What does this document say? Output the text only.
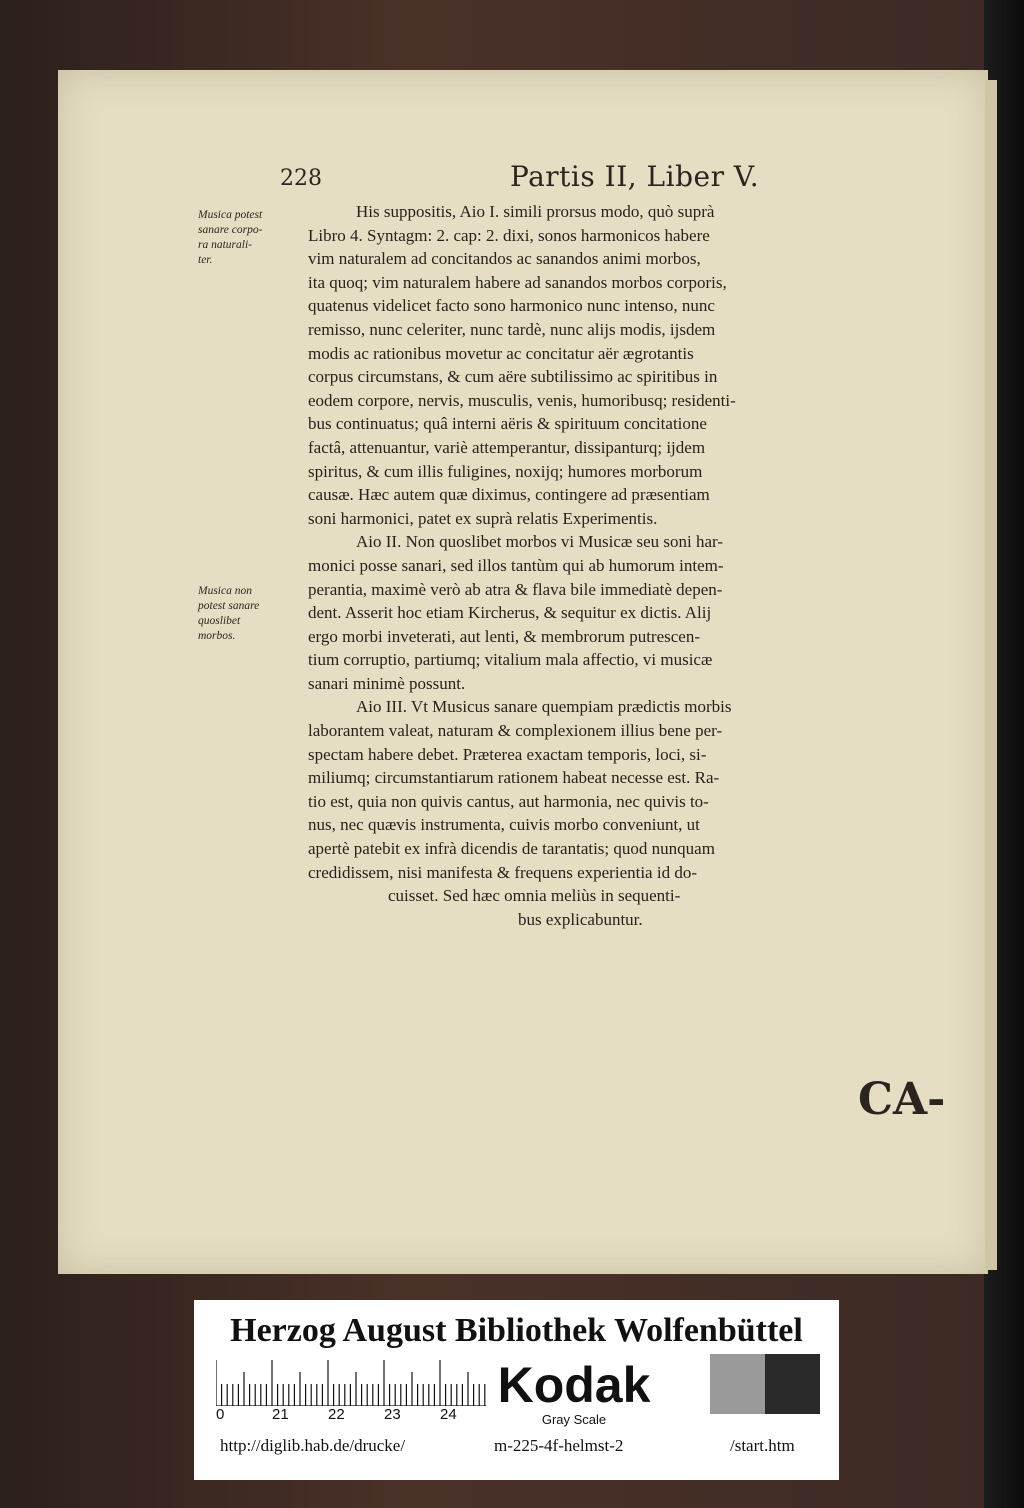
228	Partis II, Liber V.
Musica potest
sanare corpo-
ra naturali-
ter.
Musica non
potest sanare
quoslibet
morbos.
His suppositis, Aio I. simili prorsus modo, quò suprà
Libro 4. Syntagm: 2. cap: 2. dixi, sonos harmonicos habere
vim naturalem ad concitandos ac sanandos animi morbos,
ita quoq; vim naturalem habere ad sanandos morbos corporis,
quatenus videlicet facto sono harmonico nunc intenso, nunc
remisso, nunc celeriter, nunc tardè, nunc alijs modis, ijsdem
modis ac rationibus movetur ac concitatur aër ægrotantis
corpus circumstans, & cum aëre subtilissimo ac spiritibus in
eodem corpore, nervis, musculis, venis, humoribusq; residenti-
bus continuatus; quâ interni aëris & spirituum concitatione
factâ, attenuantur, variè attemperantur, dissipanturq; ijdem
spiritus, & cum illis fuligines, noxijq; humores morborum
causæ. Hæc autem quæ diximus, contingere ad præsentiam
soni harmonici, patet ex suprà relatis Experimentis.
Aio II. Non quoslibet morbos vi Musicæ seu soni har-
monici posse sanari, sed illos tantùm qui ab humorum intem-
perantia, maximè verò ab atra & flava bile immediatè depen-
dent. Asserit hoc etiam Kircherus, & sequitur ex dictis. Alij
ergo morbi inveterati, aut lenti, & membrorum putrescen-
tium corruptio, partiumq; vitalium mala affectio, vi musicæ
sanari minimè possunt.
Aio III. Vt Musicus sanare quempiam prædictis morbis
laborantem valeat, naturam & complexionem illius bene per-
spectam habere debet. Præterea exactam temporis, loci, si-
miliumq; circumstantiarum rationem habeat necesse est. Ra-
tio est, quia non quivis cantus, aut harmonia, nec quivis to-
nus, nec quævis instrumenta, cuivis morbo conveniunt, ut
apertè patebit ex infrà dicendis de tarantatis; quod nunquam
credidissem, nisi manifesta & frequens experientia id do-
cuisset. Sed hæc omnia meliùs in sequenti-
bus explicabuntur.
CA-
Herzog August Bibliothek Wolfenbüttel
0	21	22	23	24
Kodak
Gray Scale
http://diglib.hab.de/drucke/	m-225-4f-helmst-2	/start.htm
